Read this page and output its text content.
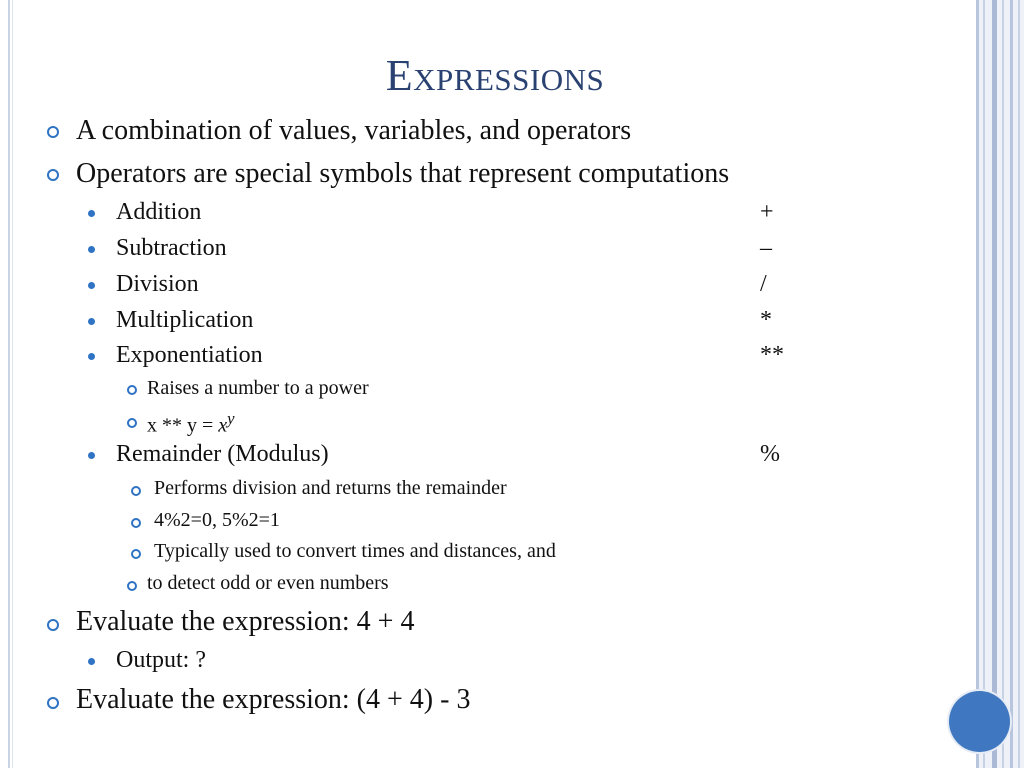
Expressions
A combination of values, variables, and operators
Operators are special symbols that represent computations
Addition	+
Subtraction	–
Division	/
Multiplication	*
Exponentiation	**
Raises a number to a power
$x ** y = x^y$
Remainder (Modulus)	%
Performs division and returns the remainder
4%2=0, 5%2=1
Typically used to convert times and distances, and
to detect odd or even numbers
Evaluate the expression: 4 + 4
Output: ?
Evaluate the expression: (4 + 4) - 3
